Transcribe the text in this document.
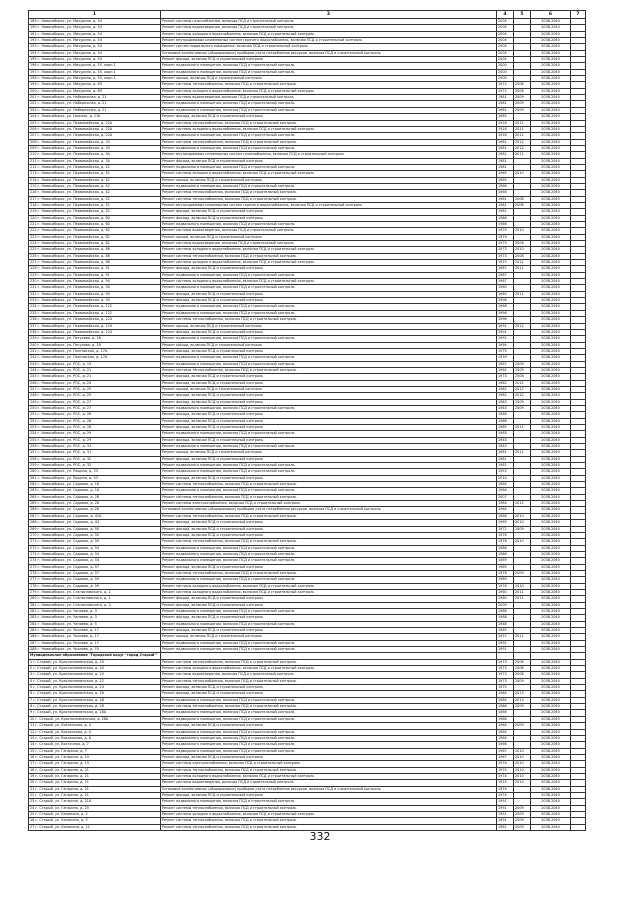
1	3	4	5	6	7
189 г. Новосибирск, ул. Мичурина, д. 54	Ремонт системы газоснабжения, включая ПСД и строительный контроль	2004		2038-2040	
190 г. Новосибирск, ул. Мичурина, д. 54	Ремонт системы водоотведения, включая ПСД и строительный контроль	2004		2038-2040	
191 г. Новосибирск, ул. Мичурина, д. 54	Ремонт системы холодного водоснабжения, включая ПСД и строительный контроль	2004		2038-2040	
192 г. Новосибирск, ул. Мичурина, д. 54	Ремонт внутридомовых инженерных систем горячего водоснабжения, включая ПСД и строительный контроль	2004		2038-2040	
193 г. Новосибирск, ул. Мичурина, д. 54	Ремонт систем подвального помещения, включая ПСД и строительный контроль	2004		2038-2040	
194 г. Новосибирск, ул. Мичурина, д. 54	Установка коллективных (общедомовых) приборов учета потребления ресурсов, включая ПСД и строительный контроль	2004		2038-2040	
195 г. Новосибирск, ул. Мичурина, д. 54	Ремонт фасада, включая ПСД и строительный контроль	2004		2038-2040	
196 г. Новосибирск, ул. Мичурина, д. 55, корп.1	Ремонт подвального помещения, включая ПСД и строительный контроль	2000		2038-2040	
197 г. Новосибирск, ул. Мичурина, д. 55, корп.1	Ремонт подвального помещения, включая ПСД и строительный контроль	2000		2038-2040	
198 г. Новосибирск, ул. Мичурина, д. 55, корп.1	Ремонт крыши, включая ПСД и строительный контроль	2000		2038-2040	
199 г. Новосибирск, ул. Мичурина, д. 69	Ремонт системы теплоснабжения, включая ПСД и строительный контроль	1972	2008	2038-2040	
200 г. Новосибирск, ул. Мичурина, д. 69	Ремонт системы холодного водоснабжения, включая ПСД и строительный контроль	1972	2008	2038-2040	
201 г. Новосибирск, ул. Набережная, д. 21	Ремонт системы водоотведения, включая ПСД и строительный контроль	1981	2009	2038-2040	
202 г. Новосибирск, ул. Набережная, д. 21	Ремонт подвального помещения, включая ПСД и строительный контроль	1981	2009	2038-2040	
203 г. Новосибирск, ул. Набережная, д. 21	Ремонт подвального помещения, включая ПСД и строительный контроль	1981	2009	2038-2040	
204 г. Новосибирск, ул. Нижняя, д. 11Б	Ремонт фасада, включая ПСД и строительный контроль	1985		2038-2040	
205 г. Новосибирск, ул. Первомайская, д. 22А	Ремонт системы теплоснабжения, включая ПСД и строительный контроль	1918	2011	2038-2040	
206 г. Новосибирск, ул. Первомайская, д. 22А	Ремонт системы холодного водоснабжения, включая ПСД и строительный контроль	1918	2011	2038-2040	
207 г. Новосибирск, ул. Первомайская, д. 22А	Ремонт подвального помещения, включая ПСД и строительный контроль	1918	2011	2038-2040	
208 г. Новосибирск, ул. Первомайская, д. 34	Ремонт системы теплоснабжения, включая ПСД и строительный контроль	1981	2012	2038-2040	
209 г. Новосибирск, ул. Первомайская, д. 34	Ремонт подвального помещения, включая ПСД и строительный контроль	1981	2012	2038-2040	
210 г. Новосибирск, ул. Первомайская, д. 34	Ремонт внутридомовых инженерных систем газоснабжения, включая ПСД и строительный контроль	1981	2011	2038-2040	
211 г. Новосибирск, ул. Первомайская, д. 34	Ремонт фасада, включая ПСД и строительный контроль	1981		2038-2040	
212 г. Новосибирск, ул. Первомайская, д. 42	Ремонт подвального помещения, включая ПСД и строительный контроль	1981		2038-2040	
213 г. Новосибирск, ул. Первомайская, д. 42	Ремонт системы холодного водоснабжения, включая ПСД и строительный контроль	1965	2010	2038-2040	
214 г. Новосибирск, ул. Первомайская, д. 42	Ремонт крыши, включая ПСД и строительный контроль	1965		2038-2040	
215 г. Новосибирск, ул. Первомайская, д. 42	Ремонт подвального помещения, включая ПСД и строительный контроль	1966		2038-2040	
216 г. Новосибирск, ул. Первомайская, д. 42	Ремонт системы теплоснабжения, включая ПСД и строительный контроль	1966		2038-2040	
217 г. Новосибирск, ул. Первомайская, д. 52	Ремонт системы теплоснабжения, включая ПСД и строительный контроль	1981	2008	2038-2040	
218 г. Новосибирск, ул. Первомайская, д. 52	Ремонт внутридомовых инженерных систем горячего водоснабжения, включая ПСД и строительный контроль	1981	2008	2038-2040	
219 г. Новосибирск, ул. Первомайская, д. 52	Ремонт фасада, включая ПСД и строительный контроль	1981		2038-2040	
220 г. Новосибирск, ул. Первомайская, д. 60	Ремонт фасада, включая ПСД и строительный контроль	1986		2038-2040	
221 г. Новосибирск, ул. Первомайская, д. 60	Ремонт подвального помещения, включая ПСД и строительный контроль	1986		2038-2040	
222 г. Новосибирск, ул. Первомайская, д. 62	Ремонт системы водоотведения, включая ПСД и строительный контроль	1979	2010	2038-2040	
223 г. Новосибирск, ул. Первомайская, д. 82	Ремонт крыши, включая ПСД и строительный контроль	1979		2038-2040	
224 г. Новосибирск, ул. Первомайская, д. 82	Ремонт системы водоотведения, включая ПСД и строительный контроль	1979	2008	2038-2040	
225 г. Новосибирск, ул. Первомайская, д. 86	Ремонт системы холодного водоснабжения, включая ПСД и строительный контроль	1973	2010	2038-2040	
226 г. Новосибирск, ул. Первомайская, д. 86	Ремонт системы теплоснабжения, включая ПСД и строительный контроль	1973	2008	2038-2040	
227 г. Новосибирск, ул. Первомайская, д. 86	Ремонт системы холодного водоснабжения, включая ПСД и строительный контроль	1973	2012	2038-2040	
228 г. Новосибирск, ул. Первомайская, д. 91	Ремонт фасада, включая ПСД и строительный контроль	1987	2011	2038-2040	
229 г. Новосибирск, ул. Первомайская, д. 91	Ремонт подвального помещения, включая ПСД и строительный контроль	1987		2038-2040	
230 г. Новосибирск, ул. Первомайская, д. 94	Ремонт системы холодного водоснабжения, включая ПСД и строительный контроль	1987		2038-2040	
231 г. Новосибирск, ул. Первомайская, д. 94	Ремонт подвального помещения, включая ПСД и строительный контроль	1960		2038-2040	
232 г. Новосибирск, ул. Первомайская, д. 94	Ремонт фасада, включая ПСД и строительный контроль	1960	2011	2038-2040	
233 г. Новосибирск, ул. Первомайская, д. 94	Ремонт фасада, включая ПСД и строительный контроль	1996		2038-2040	
234 г. Новосибирск, ул. Первомайская, д. 122	Ремонт подвального помещения, включая ПСД и строительный контроль	1968		2038-2040	
235 г. Новосибирск, ул. Первомайская, д. 122	Ремонт подвального помещения, включая ПСД и строительный контроль	1996		2038-2040	
236 г. Новосибирск, ул. Первомайская, д. 124	Ремонт системы теплоснабжения, включая ПСД и строительный контроль	1996		2038-2040	
237 г. Новосибирск, ул. Первомайская, д. 124	Ремонт крыши, включая ПСД и строительный контроль	1991	2012	2038-2040	
238 г. Новосибирск, ул. Первомайская, д. 124	Ремонт фасада, включая ПСД и строительный контроль	1991		2038-2040	
239 г. Новосибирск, ул. Петухова, д. 18	Ремонт подвального помещения, включая ПСД и строительный контроль	1991		2038-2040	
240 г. Новосибирск, ул. Петухова, д. 18	Ремонт крыши, включая ПСД и строительный контроль	1994		2038-2040	
241 г. Новосибирск, ул. Полтавская, д. 17А	Ремонт фасада, включая ПСД и строительный контроль	1975		2038-2040	
242 г. Новосибирск, ул. Полтавская, д. 17А	Ремонт подвального помещения, включая ПСД и строительный контроль	1939		2038-2040	
243 г. Новосибирск, ул. РОС, д. 19	Ремонт подвального помещения, включая ПСД и строительный контроль	1967	2009	2038-2040	
244 г. Новосибирск, ул. РОС, д. 21	Ремонт системы теплоснабжения, включая ПСД и строительный контроль	1962	2009	2038-2040	
245 г. Новосибирск, ул. РОС, д. 21	Ремонт фасада, включая ПСД и строительный контроль	1973	2008	2038-2040	
246 г. Новосибирск, ул. РОС, д. 24	Ремонт фасада, включая ПСД и строительный контроль	1982	2012	2038-2040	
247 г. Новосибирск, ул. РОС, д. 25	Ремонт крыши, включая ПСД и строительный контроль	1982	2012	2038-2040	
248 г. Новосибирск, ул. РОС, д. 25	Ремонт фасада, включая ПСД и строительный контроль	1982	2012	2038-2040	
249 г. Новосибирск, ул. РОС, д. 27	Ремонт фасада, включая ПСД и строительный контроль	1983	2009	2038-2040	
250 г. Новосибирск, ул. РОС, д. 27	Ремонт подвального помещения, включая ПСД и строительный контроль	1983	2009	2038-2040	
251 г. Новосибирск, ул. РОС, д. 28	Ремонт фасада, включая ПСД и строительный контроль	1986		2038-2040	
252 г. Новосибирск, ул. РОС, д. 28	Ремонт фасада, включая ПСД и строительный контроль	1986		2038-2040	
253 г. Новосибирск, ул. РОС, д. 28	Ремонт фасада, включая ПСД и строительный контроль	1985	2011	2038-2040	
254 г. Новосибирск, ул. РОС, д. 29	Ремонт подвального помещения, включая ПСД и строительный контроль	1985		2038-2040	
255 г. Новосибирск, ул. РОС, д. 29	Ремонт фасада, включая ПСД и строительный контроль	1983		2038-2040	
256 г. Новосибирск, ул. РОС, д. 31	Ремонт подвального помещения, включая ПСД и строительный контроль	1983		2038-2040	
257 г. Новосибирск, ул. РОС, д. 31	Ремонт крыши, включая ПСД и строительный контроль	1981	2011	2038-2040	
258 г. Новосибирск, ул. РОС, д. 32	Ремонт фасада, включая ПСД и строительный контроль	1981		2038-2040	
259 г. Новосибирск, ул. РОС, д. 32	Ремонт подвального помещения, включая ПСД и строительный контроль	1981		2038-2040	
260 г. Новосибирск, ул. Рощина, д. 33	Ремонт подвального помещения, включая ПСД и строительный контроль	1953		2038-2040	
261 г. Новосибирск, ул. Рощина, д. 33	Ремонт фасада, включая ПСД и строительный контроль	2014		2038-2040	
262 г. Новосибирск, ул. Садовая, д. 16	Ремонт системы теплоснабжения, включая ПСД и строительный контроль	1964		2038-2040	
263 г. Новосибирск, ул. Садовая, д. 16	Ремонт подвального помещения, включая ПСД и строительный контроль	1964		2038-2040	
264 г. Новосибирск, ул. Садовая, д. 28	Ремонт системы теплоснабжения, включая ПСД и строительный контроль	2007		2038-2040	
265 г. Новосибирск, ул. Садовая, д. 28	Ремонт системы электроснабжения, включая ПСД и строительный контроль	1964	2012	2038-2040	
266 г. Новосибирск, ул. Садовая, д. 28	Установка коллективных (общедомовых) приборов учета потребления ресурсов, включая ПСД и строительный контроль	1964		2038-2040	
267 г. Новосибирск, ул. Садовая, д. 41А	Ремонт системы теплоснабжения, включая ПСД и строительный контроль	1968	2010	2038-2040	
268 г. Новосибирск, ул. Садовая, д. 43	Ремонт фасада, включая ПСД и строительный контроль	1969	2010	2038-2040	
269 г. Новосибирск, ул. Садовая, д. 50	Ремонт фасада, включая ПСД и строительный контроль	1972	2009	2038-2040	
270 г. Новосибирск, ул. Садовая, д. 50	Ремонт фасада, включая ПСД и строительный контроль	1976		2038-2040	
271 г. Новосибирск, ул. Садовая, д. 50	Ремонт системы теплоснабжения, включая ПСД и строительный контроль	1976	2010	2038-2040	
272 г. Новосибирск, ул. Садовая, д. 54	Ремонт подвального помещения, включая ПСД и строительный контроль	1986		2038-2040	
273 г. Новосибирск, ул. Садовая, д. 54	Ремонт подвального помещения, включая ПСД и строительный контроль	1986		2038-2040	
274 г. Новосибирск, ул. Садовая, д. 54	Ремонт подвального помещения, включая ПСД и строительный контроль	1989		2038-2040	
275 г. Новосибирск, ул. Садовая, д. 57	Ремонт фасада, включая ПСД и строительный контроль	1989		2038-2040	
276 г. Новосибирск, ул. Садовая, д. 57	Ремонт системы теплоснабжения, включая ПСД и строительный контроль	1978	2009	2038-2040	
277 г. Новосибирск, ул. Садовая, д. 59	Ремонт подвального помещения, включая ПСД и строительный контроль	1989		2038-2040	
278 г. Новосибирск, ул. Садовая, д. 59	Ремонт системы холодного водоснабжения, включая ПСД и строительный контроль	1976	2010	2038-2040	
279 г. Новосибирск, ул. Станиславского, д. 1	Ремонт системы холодного водоснабжения, включая ПСД и строительный контроль	1960	2011	2038-2040	
280 г. Новосибирск, ул. Станиславского, д. 1	Ремонт фасада, включая ПСД и строительный контроль	1960	2011	2038-2040	
281 г. Новосибирск, ул. Станиславского, д. 3	Ремонт фасада, включая ПСД и строительный контроль	2009		2038-2040	
282 г. Новосибирск, ул. Чапаева, д. 3	Ремонт подвального помещения, включая ПСД и строительный контроль	1988		2038-2040	
283 г. Новосибирск, ул. Чапаева, д. 3	Ремонт фасада, включая ПСД и строительный контроль	1988		2038-2040	
284 г. Новосибирск, ул. Чапаева, д. 5	Ремонт подвального помещения, включая ПСД и строительный контроль	1988		2038-2040	
285 г. Новосибирск, ул. Чкалова, д. 17	Ремонт фасада, включая ПСД и строительный контроль	1985		2038-2040	
286 г. Новосибирск, ул. Чкалова, д. 17	Ремонт крыши, включая ПСД и строительный контроль	1957	2011	2038-2040	
287 г. Новосибирск, ул. Чкалова, д. 17	Ремонт подвального помещения, включая ПСД и строительный контроль	1992		2038-2040	
288 г. Новосибирск, ул. Чкалова, д. 70	Ремонт подвального помещения, включая ПСД и строительный контроль	1991		2038-2040	
Муниципальное образование "Городской округ "город Старый""					
1 г. Старый, ул. Краснознаменская, д. 20	Ремонт системы теплоснабжения, включая ПСД и строительный контроль	1973	2008	2038-2040	
2 г. Старый, ул. Краснознаменская, д. 20	Ремонт системы холодного водоснабжения, включая ПСД и строительный контроль	1973	2008	2038-2040	
3 г. Старый, ул. Краснознаменская, д. 20	Ремонт системы водоотведения, включая ПСД и строительный контроль	1973	2008	2038-2040	
4 г. Старый, ул. Краснознаменская, д. 22	Ремонт системы теплоснабжения, включая ПСД и строительный контроль	1973	2009	2038-2040	
5 г. Старый, ул. Краснознаменская, д. 24	Ремонт фасада, включая ПСД и строительный контроль	1975		2038-2040	
6 г. Старый, ул. Краснознаменская, д. 26	Ремонт фасада, включая ПСД и строительный контроль	1984	2013	2038-2040	
7 г. Старый, ул. Краснознаменская, д. 28	Ремонт подвального помещения, включая ПСД и строительный контроль	1984	2013	2038-2040	
8 г. Старый, ул. Краснознаменская, д. 28	Ремонт системы теплоснабжения, включая ПСД и строительный контроль	1986	2009	2038-2040	
9 г. Старый, ул. Краснознаменская, д. 28А	Ремонт подвального помещения, включая ПСД и строительный контроль	1986		2038-2040	
10 г. Старый, ул. Краснознаменская, д. 28А	Ремонт подвального помещения, включая ПСД и строительный контроль	1986		2038-2040	
11 г. Старый, ул. Вокзальная, д. 4	Ремонт фасада, включая ПСД и строительный контроль	1964	2009	2038-2040	
12 г. Старый, ул. Вокзальная, д. 4	Ремонт подвального помещения, включая ПСД и строительный контроль	1964		2038-2040	
13 г. Старый, ул. Вокзальная, д. 6	Ремонт подвального помещения, включая ПСД и строительный контроль	1964		2038-2040	
14 г. Старый, ул. Восточная, д. 7	Ремонт подвального помещения, включая ПСД и строительный контроль	1966		2038-2040	
15 г. Старый, ул. Гагарина, д. 7	Ремонт подвального помещения, включая ПСД и строительный контроль	1967	2010	2038-2040	
16 г. Старый, ул. Гагарина, д. 19	Ремонт фасада, включая ПСД и строительный контроль	1967	2010	2038-2040	
17 г. Старый, ул. Гагарина, д. 19	Ремонт системы электроснабжения, включая ПСД и строительный контроль	1974	2010	2038-2040	
18 г. Старый, ул. Гагарина, д. 21	Ремонт системы теплоснабжения, включая ПСД и строительный контроль	1974	2010	2038-2040	
19 г. Старый, ул. Гагарина, д. 21	Ремонт системы холодного водоснабжения, включая ПСД и строительный контроль	1974	2010	2038-2040	
20 г. Старый, ул. Гагарина, д. 21	Ремонт системы водоотведения, включая ПСД и строительный контроль	1974	2010	2038-2040	
21 г. Старый, ул. Гагарина, д. 21	Установка коллективных (общедомовых) приборов учета потребления ресурсов, включая ПСД и строительный контроль	1974		2038-2040	
22 г. Старый, ул. Гагарина, д. 21	Ремонт фасада, включая ПСД и строительный контроль	1974		2038-2040	
23 г. Старый, ул. Гагарина, д. 21А	Ремонт подвального помещения, включая ПСД и строительный контроль	1991		2038-2040	
24 г. Старый, ул. Гагарина, д. 25	Ремонт системы теплоснабжения, включая ПСД и строительный контроль	1991	2009	2038-2040	
25 г. Старый, ул. Калинина, д. 2	Ремонт системы холодного водоснабжения, включая ПСД и строительный контроль	1991	2009	2038-2040	
26 г. Старый, ул. Калинина, д. 2	Ремонт системы теплоснабжения, включая ПСД и строительный контроль	1991	2009	2038-2040	
27 г. Старый, ул. Калинина, д. 12	Ремонт системы теплоснабжения, включая ПСД и строительный контроль	1961	2009	2038-2040	
332
